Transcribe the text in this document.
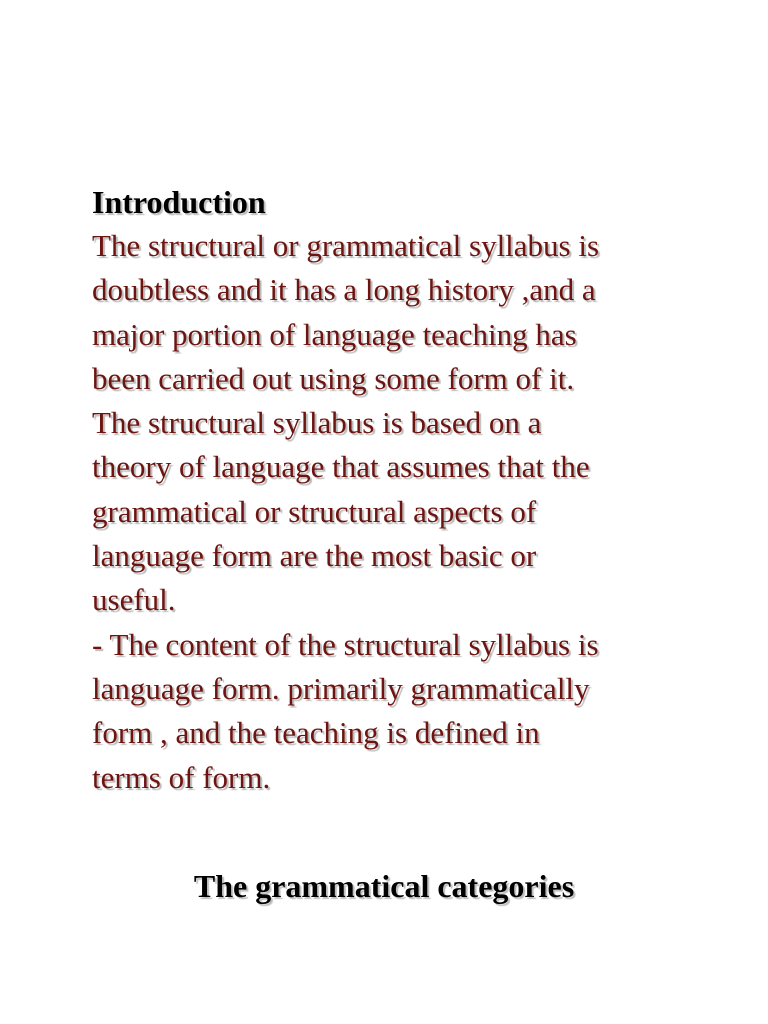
Introduction
The structural or grammatical syllabus is
doubtless and it has a long history ,and a
major portion of language teaching has
been carried out using some form of it.
The structural syllabus is based on a
theory of language that assumes that the
grammatical or structural aspects of
language form are the most basic or
useful.
- The content of the structural syllabus is
language form. primarily grammatically
form , and the teaching is defined in
terms of form.
The grammatical categories
